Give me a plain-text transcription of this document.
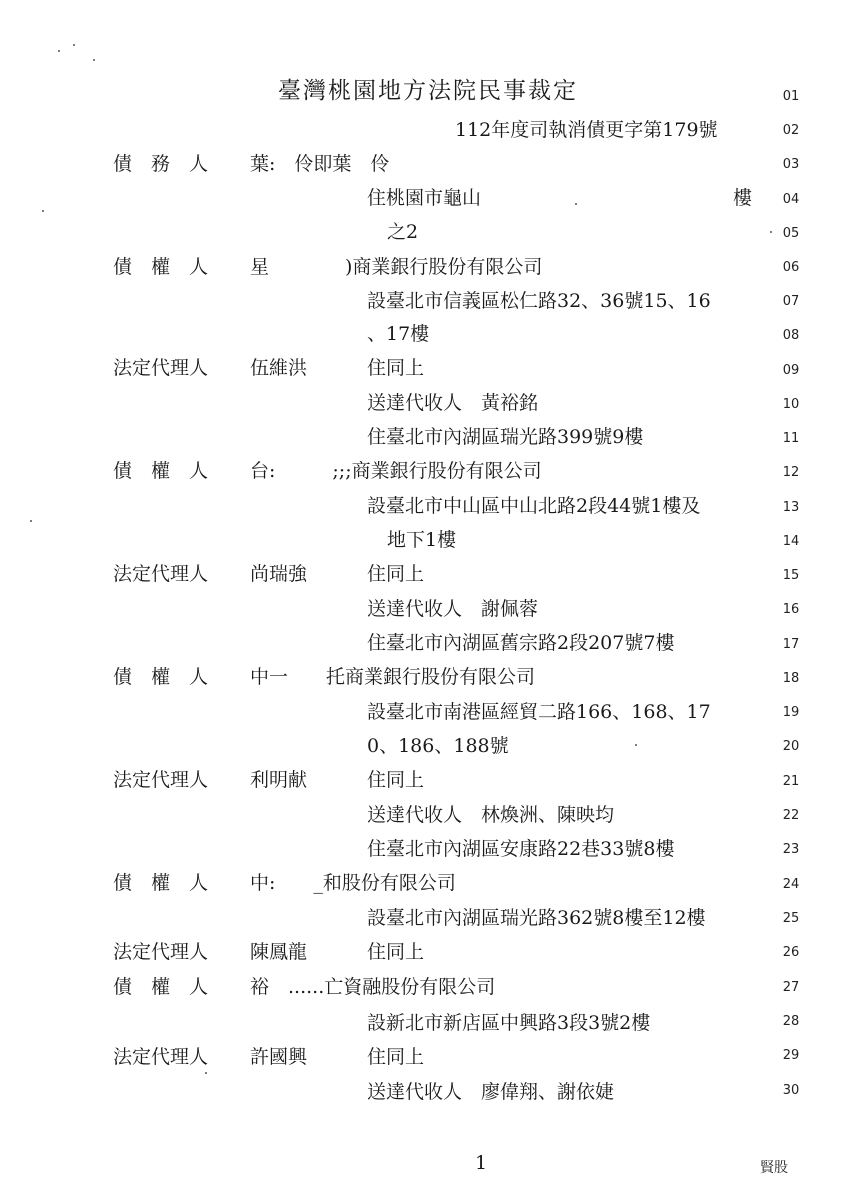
臺灣桃園地方法院民事裁定
112年度司執消債更字第179號
債　務　人 葉:　伶即葉　伶
住桃園市龜山	樓
之2
債　權　人 星　　　　)商業銀行股份有限公司
設臺北市信義區松仁路32、36號15、16
、17樓
法定代理人 伍維洪	住同上
送達代收人　黃裕銘
住臺北市內湖區瑞光路399號9樓
債　權　人 台:　　　;;;商業銀行股份有限公司
設臺北市中山區中山北路2段44號1樓及
地下1樓
法定代理人 尚瑞強	住同上
送達代收人　謝佩蓉
住臺北市內湖區舊宗路2段207號7樓
債　權　人 中一　　托商業銀行股份有限公司
設臺北市南港區經貿二路166、168、17
0、186、188號
法定代理人 利明献	住同上
送達代收人　林煥洲、陳映均
住臺北市內湖區安康路22巷33號8樓
債　權　人 中:　　_和股份有限公司
設臺北市內湖區瑞光路362號8樓至12樓
法定代理人 陳鳳龍	住同上
債　權　人 裕　......亡資融股份有限公司
設新北市新店區中興路3段3號2樓
法定代理人 許國興	住同上
送達代收人　廖偉翔、謝依婕
01
02
03
04
05
06
07
08
09
10
11
12
13
14
15
16
17
18
19
20
21
22
23
24
25
26
27
28
29
30
1	賢股
